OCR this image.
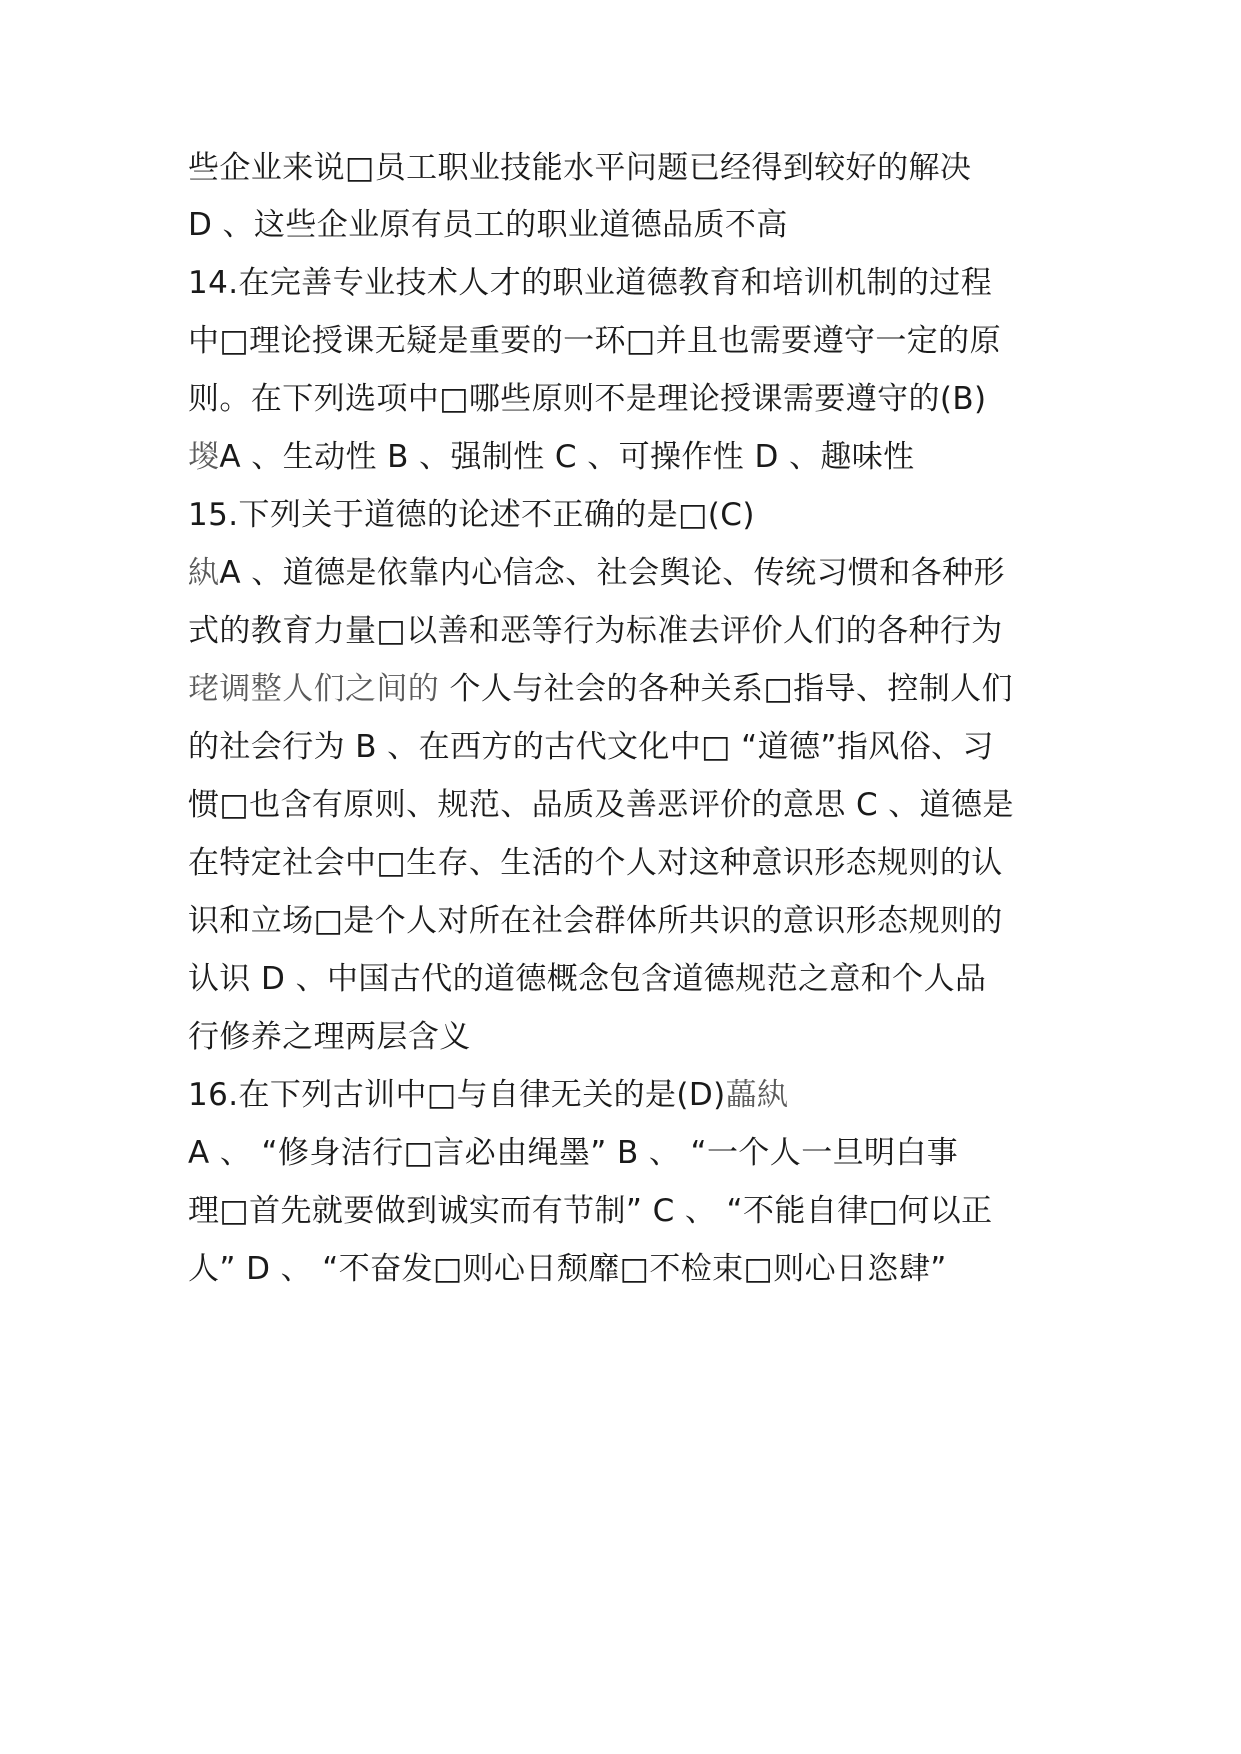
些企业来说□员工职业技能水平问题已经得到较好的解决
D 、这些企业原有员工的职业道德品质不高
14.在完善专业技术人才的职业道德教育和培训机制的过程
中□理论授课无疑是重要的一环□并且也需要遵守一定的原
则。在下列选项中□哪些原则不是理论授课需要遵守的(B)
堫A 、生动性 B 、强制性 C 、可操作性 D 、趣味性
15.下列关于道德的论述不正确的是□(C)
紈A 、道德是依靠内心信念、社会舆论、传统习惯和各种形
式的教育力量□以善和恶等行为标准去评价人们的各种行为
珯调整人们之间的 个人与社会的各种关系□指导、控制人们
的社会行为 B 、在西方的古代文化中□ “道德”指风俗、习
惯□也含有原则、规范、品质及善恶评价的意思 C 、道德是
在特定社会中□生存、生活的个人对这种意识形态规则的认
识和立场□是个人对所在社会群体所共识的意识形态规则的
认识 D 、中国古代的道德概念包含道德规范之意和个人品
行修养之理两层含义
16.在下列古训中□与自律无关的是(D)藟紈
A 、 “修身洁行□言必由绳墨” B 、 “一个人一旦明白事
理□首先就要做到诚实而有节制” C 、 “不能自律□何以正
人” D 、 “不奋发□则心日颓靡□不检束□则心日恣肆”
